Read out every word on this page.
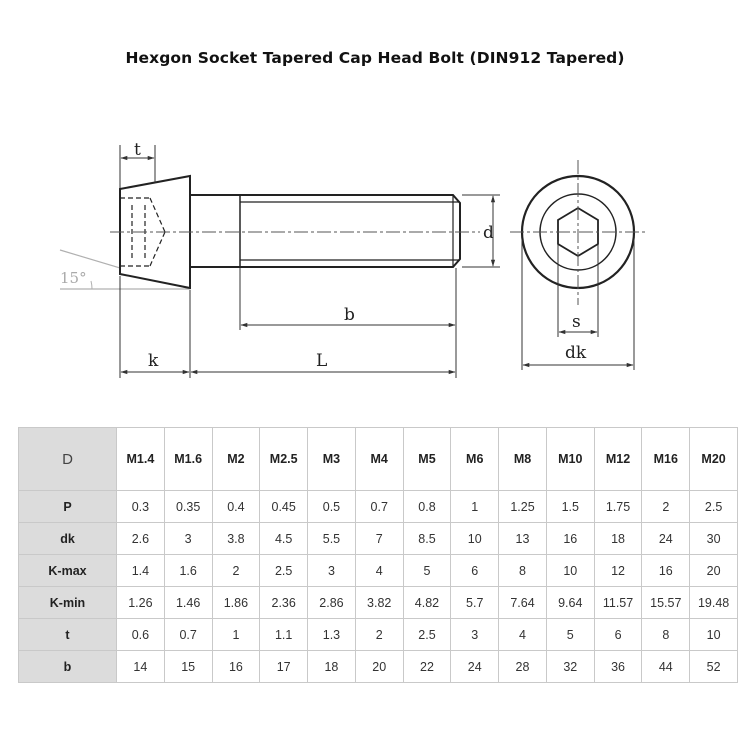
Hexgon Socket Tapered Cap Head Bolt (DIN912 Tapered)
15°
t
d
b
k	L
s
dk
D	M1.4	M1.6	M2	M2.5	M3	M4	M5	M6	M8	M10	M12	M16	M20
P	0.3	0.35	0.4	0.45	0.5	0.7	0.8	1	1.25	1.5	1.75	2	2.5
dk	2.6	3	3.8	4.5	5.5	7	8.5	10	13	16	18	24	30
K-max	1.4	1.6	2	2.5	3	4	5	6	8	10	12	16	20
K-min	1.26	1.46	1.86	2.36	2.86	3.82	4.82	5.7	7.64	9.64	11.57	15.57	19.48
t	0.6	0.7	1	1.1	1.3	2	2.5	3	4	5	6	8	10
b	14	15	16	17	18	20	22	24	28	32	36	44	52
